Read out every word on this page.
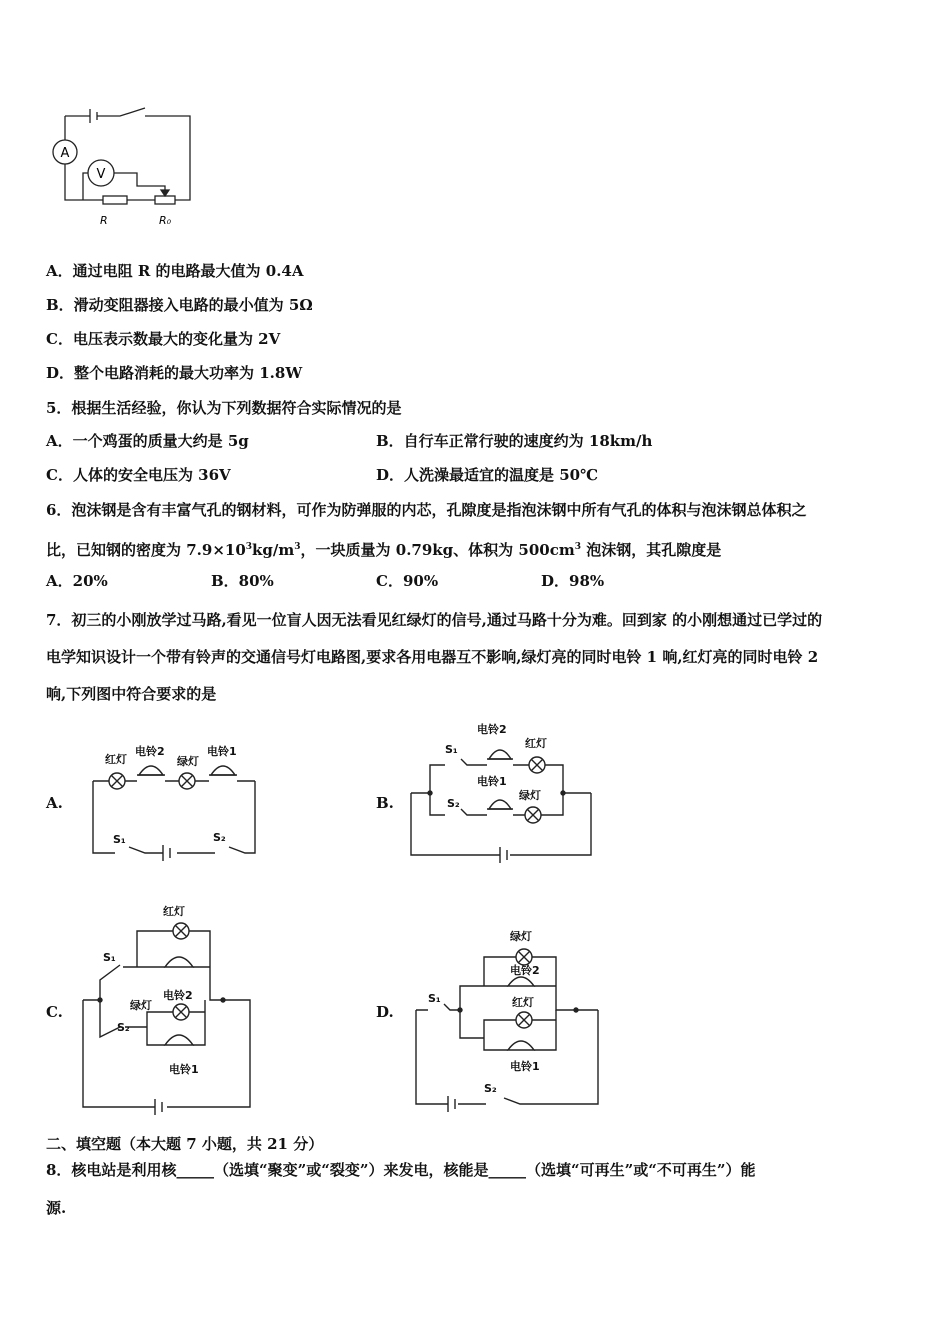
A
V
R	R₀
A．通过电阻 R 的电路最大值为 0.4A
B．滑动变阻器接入电路的最小值为 5Ω
C．电压表示数最大的变化量为 2V
D．整个电路消耗的最大功率为 1.8W
5．根据生活经验，你认为下列数据符合实际情况的是
A．一个鸡蛋的质量大约是 5g	B．自行车正常行驶的速度约为 18km/h
C．人体的安全电压为 36V	D．人洗澡最适宜的温度是 50℃
6．泡沫钢是含有丰富气孔的钢材料，可作为防弹服的内芯，孔隙度是指泡沫钢中所有气孔的体积与泡沫钢总体积之
比，已知钢的密度为 $7.9\times 10^3kg/m^3$，一块质量为 0.79kg、体积为 $500cm^3$ 泡沫钢，其孔隙度是
A．20%	B．80%	C．90%	D．98%
7．初三的小刚放学过马路,看见一位盲人因无法看见红绿灯的信号,通过马路十分为难。回到家 的小刚想通过已学过的
电学知识设计一个带有铃声的交通信号灯电路图,要求各用电器互不影响,绿灯亮的同时电铃 1 响,红灯亮的同时电铃 2
响,下列图中符合要求的是
A.	B.
C.	D.
红灯
电铃2
绿灯
电铃1
S₁	S₂
S₁
电铃2
红灯
电铃1
S₂
绿灯
红灯
S₁
绿灯
电铃2
S₂
电铃1
绿灯
电铃2
S₁	红灯
电铃1
S₂
二、填空题（本大题 7 小题，共 21 分）
8．核电站是利用核_____（选填“聚变”或“裂变”）来发电，核能是_____（选填“可再生”或“不可再生”）能
源.
